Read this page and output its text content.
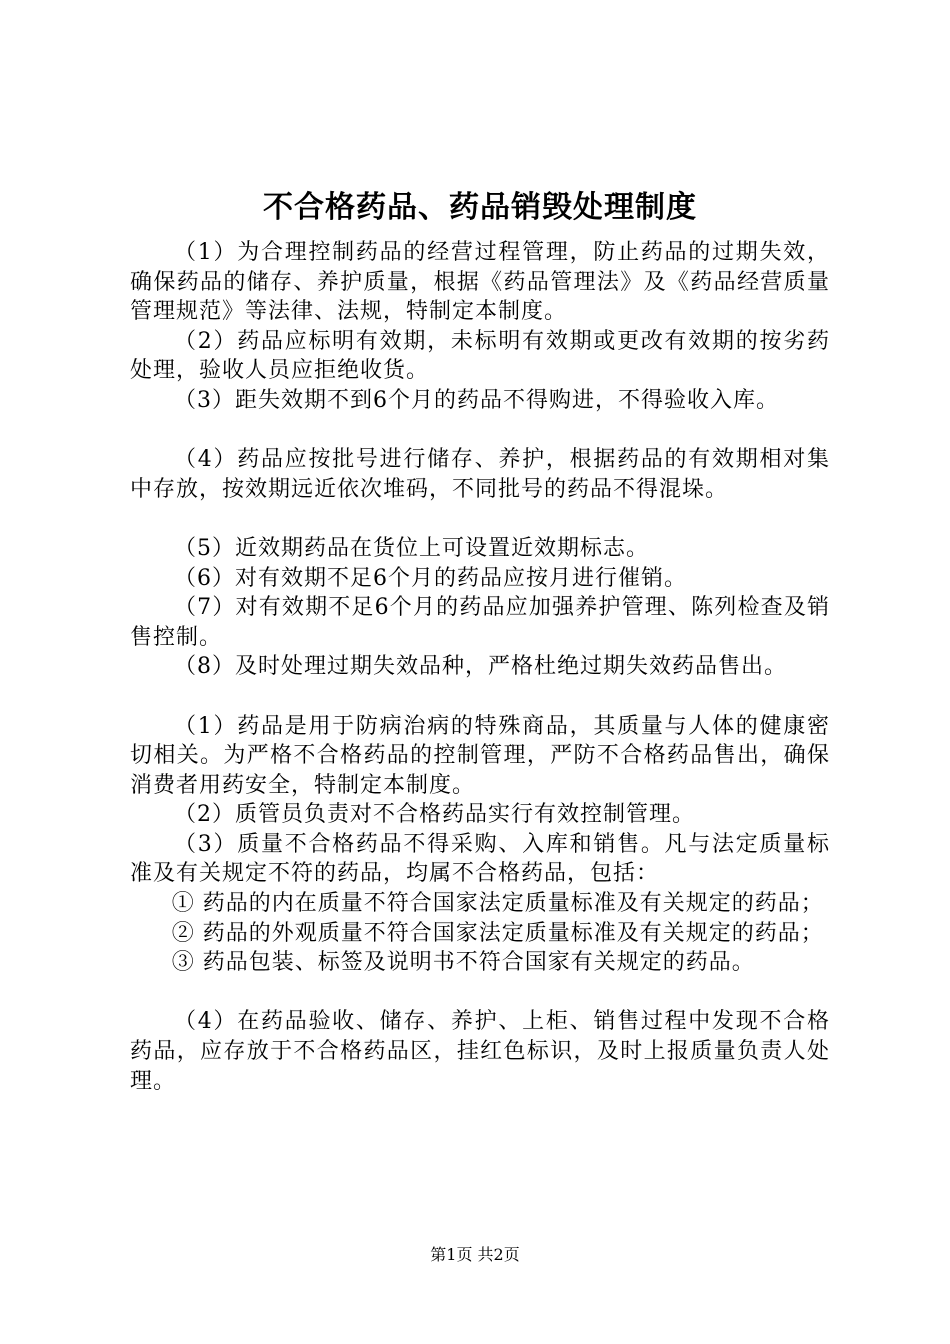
不合格药品、药品销毁处理制度

（1）为合理控制药品的经营过程管理，防止药品的过期失效，确保药品的储存、养护质量，根据《药品管理法》及《药品经营质量管理规范》等法律、法规，特制定本制度。

（2）药品应标明有效期，未标明有效期或更改有效期的按劣药处理，验收人员应拒绝收货。

（3）距失效期不到6个月的药品不得购进，不得验收入库。

（4）药品应按批号进行储存、养护，根据药品的有效期相对集中存放，按效期远近依次堆码，不同批号的药品不得混垛。

（5）近效期药品在货位上可设置近效期标志。

（6）对有效期不足6个月的药品应按月进行催销。

（7）对有效期不足6个月的药品应加强养护管理、陈列检查及销售控制。

（8）及时处理过期失效品种，严格杜绝过期失效药品售出。

（1）药品是用于防病治病的特殊商品，其质量与人体的健康密切相关。为严格不合格药品的控制管理，严防不合格药品售出，确保消费者用药安全，特制定本制度。

（2）质管员负责对不合格药品实行有效控制管理。

（3）质量不合格药品不得采购、入库和销售。凡与法定质量标准及有关规定不符的药品，均属不合格药品，包括：

① 药品的内在质量不符合国家法定质量标准及有关规定的药品；

② 药品的外观质量不符合国家法定质量标准及有关规定的药品；

③ 药品包装、标签及说明书不符合国家有关规定的药品。

（4）在药品验收、储存、养护、上柜、销售过程中发现不合格药品，应存放于不合格药品区，挂红色标识，及时上报质量负责人处理。

第1页 共2页
